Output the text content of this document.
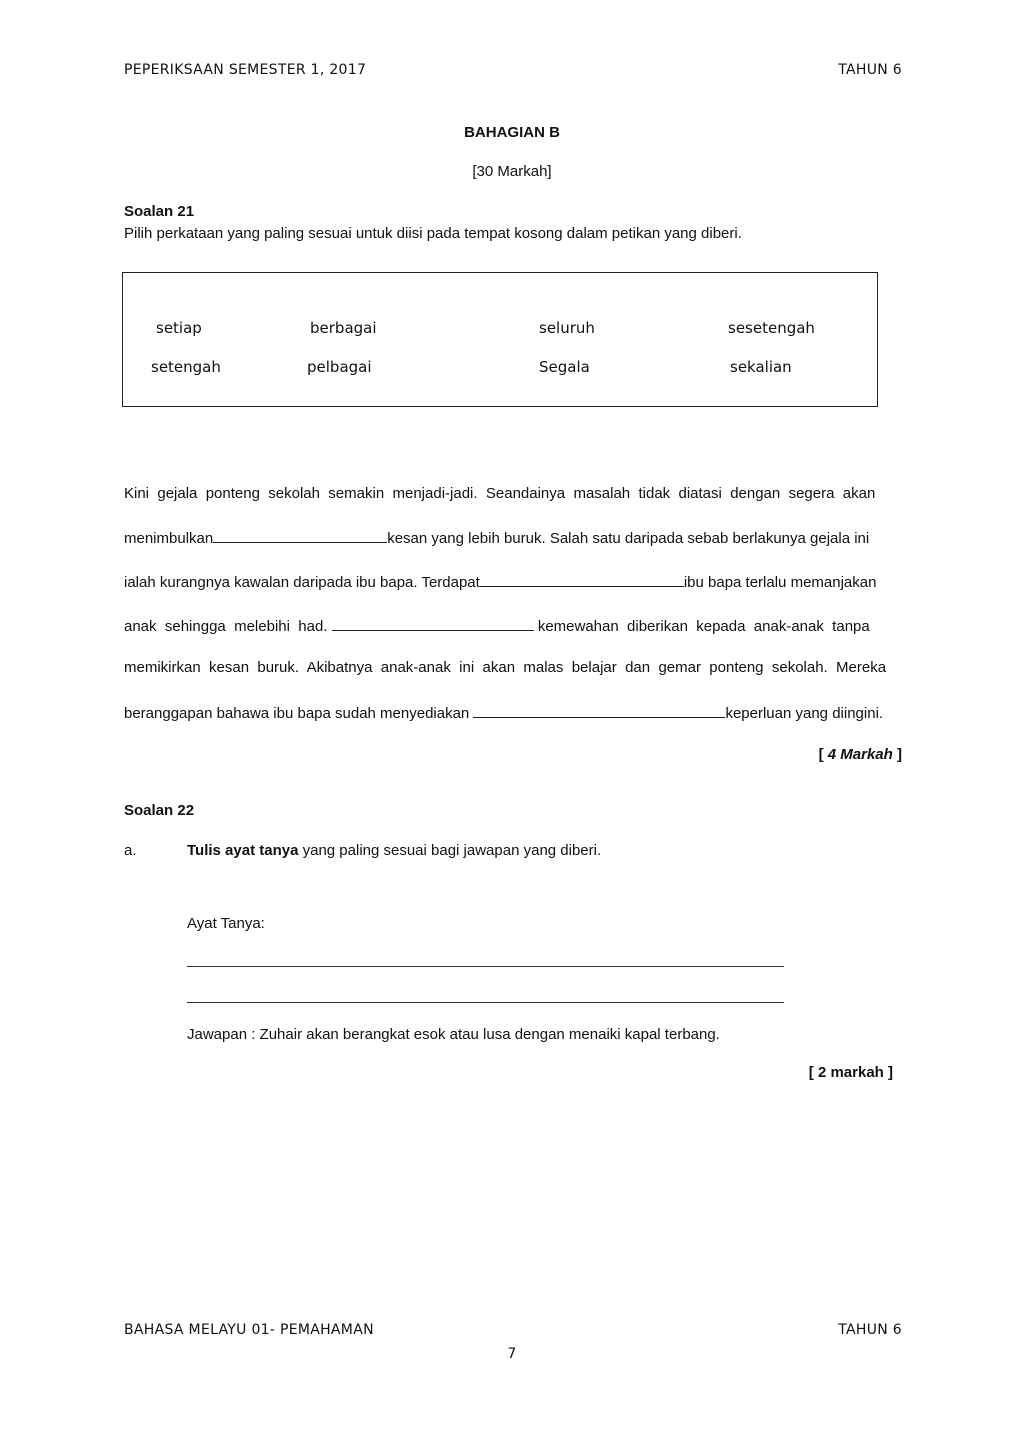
PEPERIKSAAN SEMESTER 1, 2017	TAHUN 6
BAHAGIAN B
[30 Markah]
Soalan 21
Pilih perkataan yang paling sesuai untuk diisi pada tempat kosong dalam petikan yang diberi.
setiap	berbagai	seluruh	sesetengah
setengah	pelbagai	Segala	sekalian
Kini  gejala  ponteng  sekolah  semakin  menjadi-jadi.  Seandainya  masalah  tidak  diatasi  dengan  segera  akan
menimbulkan	kesan yang lebih buruk. Salah satu daripada sebab berlakunya gejala ini
ialah kurangnya kawalan daripada ibu bapa. Terdapat	ibu bapa terlalu memanjakan
anak  sehingga  melebihi  had.	kemewahan  diberikan  kepada  anak-anak  tanpa
memikirkan  kesan  buruk.  Akibatnya  anak-anak  ini  akan  malas  belajar  dan  gemar  ponteng  sekolah.  Mereka
beranggapan bahawa ibu bapa sudah menyediakan	keperluan yang diingini.
[ 4 Markah ]
Soalan 22
a.	Tulis ayat tanya yang paling sesuai bagi jawapan yang diberi.
Ayat Tanya:
Jawapan : Zuhair akan berangkat esok atau lusa dengan menaiki kapal terbang.
[ 2 markah ]
BAHASA MELAYU 01- PEMAHAMAN	TAHUN 6
7
